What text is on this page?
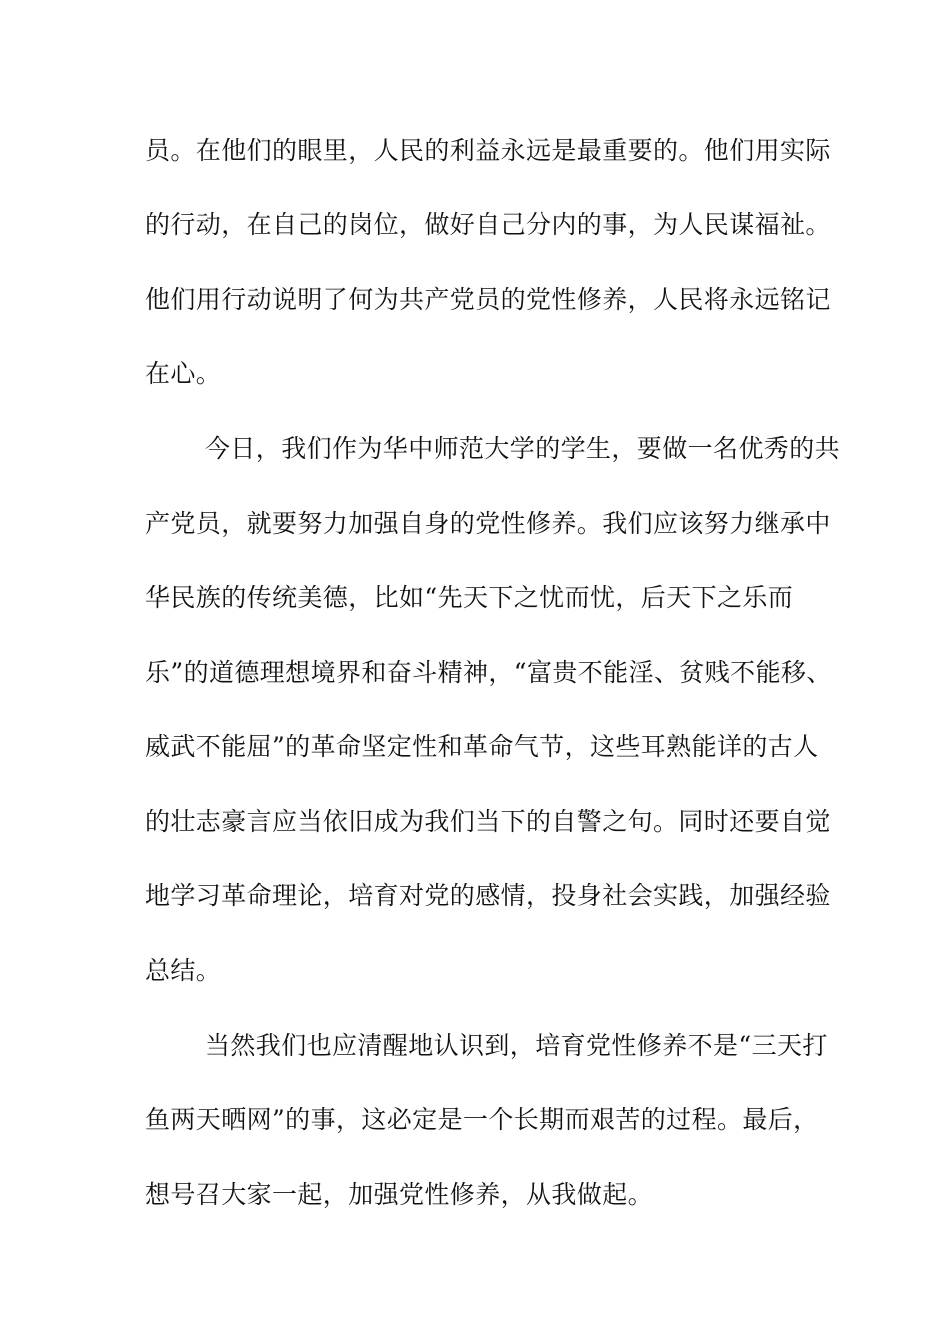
员。在他们的眼里，人民的利益永远是最重要的。他们用实际
的行动，在自己的岗位，做好自己分内的事，为人民谋福祉。
他们用行动说明了何为共产党员的党性修养，人民将永远铭记
在心。
今日，我们作为华中师范大学的学生，要做一名优秀的共
产党员，就要努力加强自身的党性修养。我们应该努力继承中
华民族的传统美德，比如“先天下之忧而忧，后天下之乐而
乐”的道德理想境界和奋斗精神，“富贵不能淫、贫贱不能移、
威武不能屈”的革命坚定性和革命气节，这些耳熟能详的古人
的壮志豪言应当依旧成为我们当下的自警之句。同时还要自觉
地学习革命理论，培育对党的感情，投身社会实践，加强经验
总结。
当然我们也应清醒地认识到，培育党性修养不是“三天打
鱼两天晒网”的事，这必定是一个长期而艰苦的过程。最后，
想号召大家一起，加强党性修养，从我做起。
